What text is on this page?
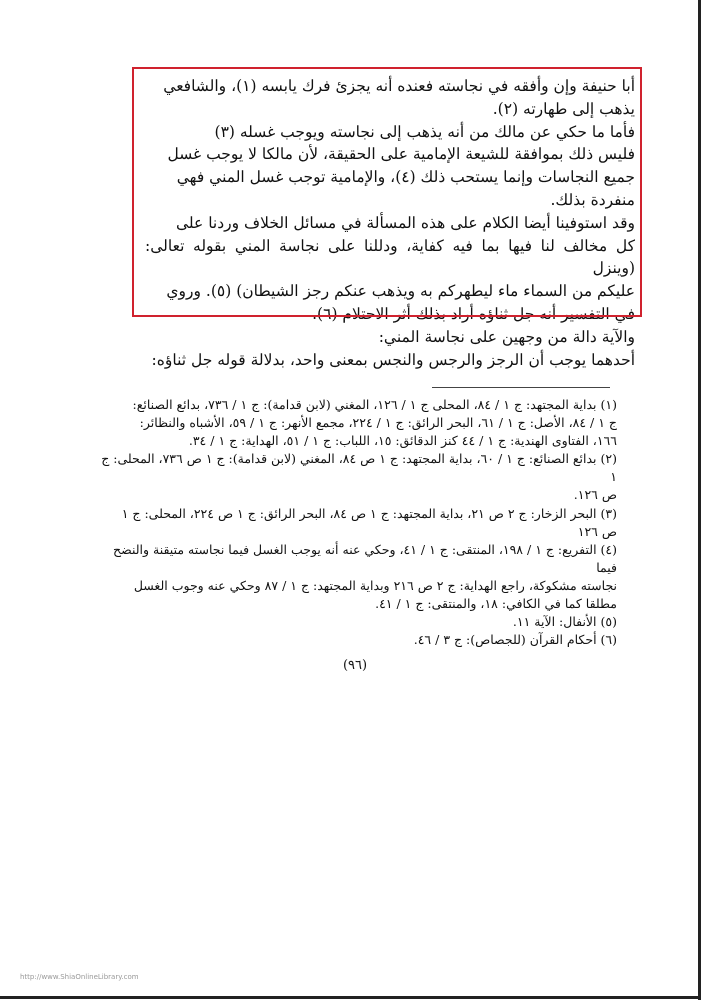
أبا حنيفة وإن وأفقه في نجاسته فعنده أنه يجزئ فرك يابسه (١)، والشافعي

يذهب إلى طهارته (٢).

فأما ما حكي عن مالك من أنه يذهب إلى نجاسته ويوجب غسله (٣)

فليس ذلك بموافقة للشيعة الإمامية على الحقيقة، لأن مالكا لا يوجب غسل

جميع النجاسات وإنما يستحب ذلك (٤)، والإمامية توجب غسل المني فهي

منفردة بذلك.

وقد استوفينا أيضا الكلام على هذه المسألة في مسائل الخلاف وردنا على

كل مخالف لنا فيها بما فيه كفاية، ودللنا على نجاسة المني بقوله تعالى: (وينزل

عليكم من السماء ماء ليطهركم به ويذهب عنكم رجز الشيطان) (٥). وروي

في التفسير أنه جل ثناؤه أراد بذلك أثر الاحتلام (٦).

والآية دالة من وجهين على نجاسة المني:

أحدهما يوجب أن الرجز والرجس والنجس بمعنى واحد، بدلالة قوله جل ثناؤه:

(١) بداية المجتهد: ج ١ / ٨٤، المحلى ج ١ / ١٢٦، المغني (لابن قدامة): ج ١ / ٧٣٦، بدائع الصنائع:

ج ١ / ٨٤، الأصل: ج ١ / ٦١، البحر الرائق: ج ١ / ٢٢٤، مجمع الأنهر: ج ١ / ٥٩، الأشباه والنظائر:

١٦٦، الفتاوى الهندية: ج ١ / ٤٤ كنز الدقائق: ١٥، اللباب: ج ١ / ٥١، الهداية: ج ١ / ٣٤.

(٢) بدائع الصنائع: ج ١ / ٦٠، بداية المجتهد: ج ١ ص ٨٤، المغني (لابن قدامة): ج ١ ص ٧٣٦، المحلى: ج

١

ص ١٢٦.

(٣) البحر الزخار: ج ٢ ص ٢١، بداية المجتهد: ج ١ ص ٨٤، البحر الرائق: ج ١ ص ٢٢٤، المحلى: ج ١

ص ١٢٦

(٤) التفريع: ج ١ / ١٩٨، المنتقى: ج ١ / ٤١، وحكي عنه أنه يوجب الغسل فيما نجاسته متيقنة والنضح فيما

نجاسته مشكوكة، راجع الهداية: ج ٢ ص ٢١٦ وبداية المجتهد: ج ١ / ٨٧ وحكي عنه وجوب الغسل

مطلقا كما في الكافي: ١٨، والمنتقى: ج ١ / ٤١.

(٥) الأنفال: الآية ١١.

(٦) أحكام القرآن (للجصاص): ج ٣ / ٤٦.

(٩٦)
http://www.ShiaOnlineLibrary.com
